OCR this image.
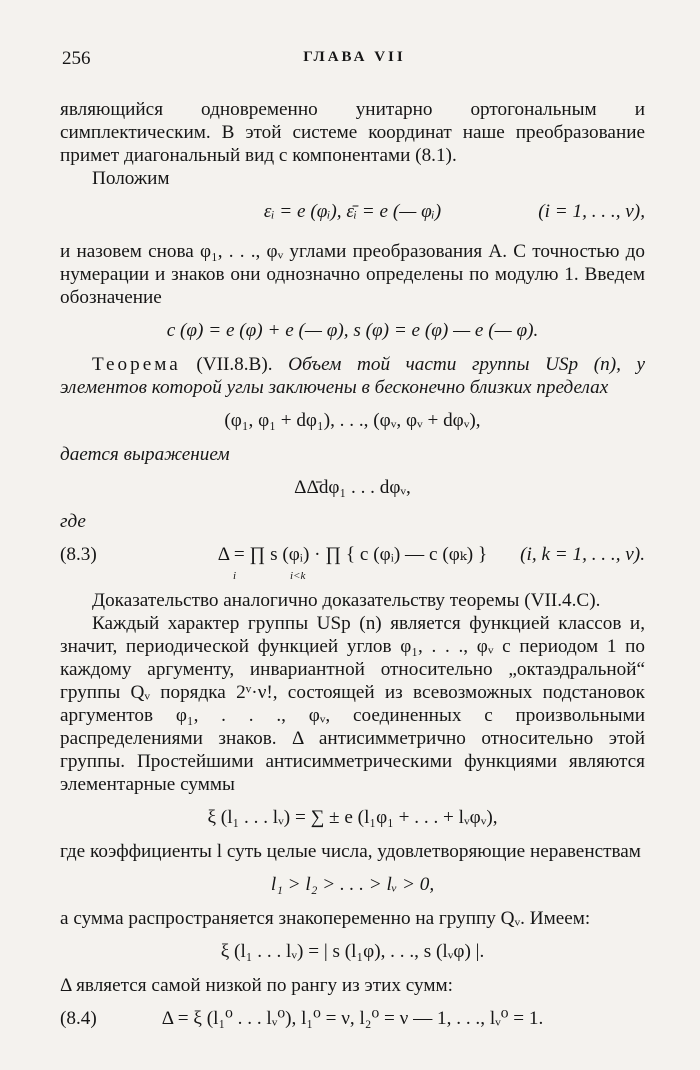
256	ГЛАВА VII

являющийся одновременно унитарно ортогональным и симплектическим. В этой системе координат наше преобразование примет диагональный вид с компонентами (8.1).

Положим

εᵢ = e (φᵢ), ε̄ᵢ = e (— φᵢ)	(i = 1, . . ., ν),

и назовем снова φ₁, . . ., φᵥ углами преобразования A. С точностью до нумерации и знаков они однозначно определены по модулю 1. Введем обозначение

c (φ) = e (φ) + e (— φ), s (φ) = e (φ) — e (— φ).

Теорема (VII.8.B). Объем той части группы USp (n), у элементов которой углы заключены в бесконечно близких пределах

(φ₁, φ₁ + dφ₁), . . ., (φᵥ, φᵥ + dφᵥ),

дается выражением

ΔΔ̄dφ₁ . . . dφᵥ,

где

(8.3)	Δ = ∏ s (φᵢ) · ∏ { c (φᵢ) — c (φₖ) }	(i, k = 1, . . ., ν).
i	i<k

Доказательство аналогично доказательству теоремы (VII.4.C).

Каждый характер группы USp (n) является функцией классов и, значит, периодической функцией углов φ₁, . . ., φᵥ с периодом 1 по каждому аргументу, инвариантной относительно „октаэдральной“ группы Qᵥ порядка 2ᵛ·ν!, состоящей из всевозможных подстановок аргументов φ₁, . . ., φᵥ, соединенных с произвольными распределениями знаков. Δ антисимметрично относительно этой группы. Простейшими антисимметрическими функциями являются элементарные суммы

ξ (l₁ . . . lᵥ) = ∑ ± e (l₁φ₁ + . . . + lᵥφᵥ),

где коэффициенты l суть целые числа, удовлетворяющие неравенствам

l₁ > l₂ > . . . > lᵥ > 0,

а сумма распространяется знакопеременно на группу Qᵥ. Имеем:

ξ (l₁ . . . lᵥ) = | s (l₁φ), . . ., s (lᵥφ) |.

Δ является самой низкой по рангу из этих сумм:

(8.4)	Δ = ξ (l₁⁰ . . . lᵥ⁰), l₁⁰ = ν, l₂⁰ = ν — 1, . . ., lᵥ⁰ = 1.
